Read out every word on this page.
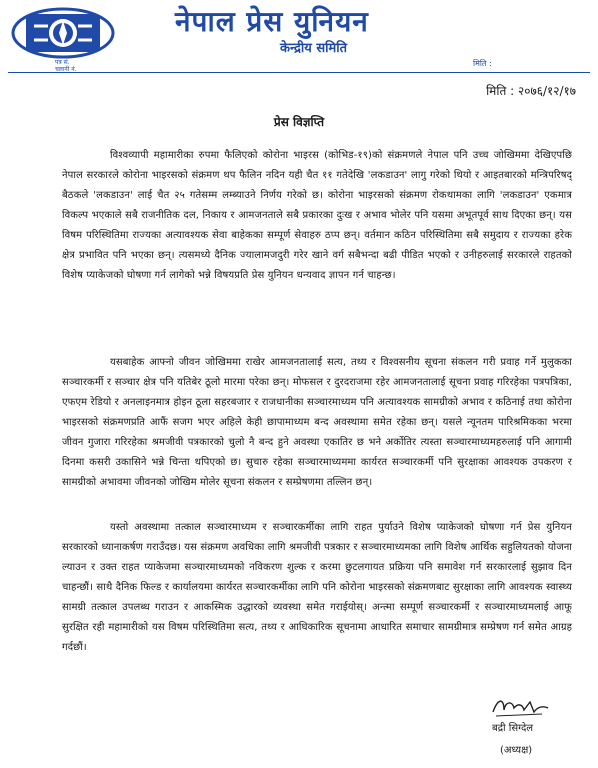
नेपाल प्रेस युनियन
केन्द्रीय समिति
पत्र सं.
चलानी नं.
मिति :
मिति : २०७६/१२/१७
प्रेस विज्ञप्ति

विश्वव्यापी महामारीका रुपमा फैलिएको कोरोना भाइरस (कोभिड-१९)को संक्रमणले नेपाल पनि उच्च जोखिममा देखिएपछि नेपाल सरकारले कोरोना भाइरसको संक्रमण थप फैलिन नदिन यही चैत ११ गतेदेखि 'लकडाउन' लागु गरेको थियो र आइतबारको मन्त्रिपरिषद् बैठकले 'लकडाउन' लाई चैत २५ गतेसम्म लम्ब्याउने निर्णय गरेको छ। कोरोना भाइरसको संक्रमण रोकथामका लागि 'लकडाउन' एकमात्र विकल्प भएकाले सबै राजनीतिक दल, निकाय र आमजनताले सबै प्रकारका दुःख र अभाव भोलेर पनि यसमा अभूतपूर्व साथ दिएका छन्। यस विषम परिस्थितिमा राज्यका अत्यावश्यक सेवा बाहेकका सम्पूर्ण सेवाहरु ठप्प छन्। वर्तमान कठिन परिस्थितिमा सबै समुदाय र राज्यका हरेक क्षेत्र प्रभावित पनि भएका छन्। त्यसमध्ये दैनिक ज्यालामजदुरी गरेर खाने वर्ग सबैभन्दा बढी पीडित भएको र उनीहरुलाई सरकारले राहतको विशेष प्याकेजको घोषणा गर्न लागेको भन्ने विषयप्रति प्रेस युनियन धन्यवाद ज्ञापन गर्न चाहन्छ।

यसबाहेक आफ्नो जीवन जोखिममा राखेर आमजनतालाई सत्य, तथ्य र विश्वसनीय सूचना संकलन गरी प्रवाह गर्ने मुलुकका सञ्चारकर्मी र सञ्चार क्षेत्र पनि यतिबेर ठूलो मारमा परेका छन्। मोफसल र दुरदराजमा रहेर आमजनतालाई सूचना प्रवाह गरिरहेका पत्रपत्रिका, एफएम रेडियो र अनलाइनमात्र होइन ठूला सहरबजार र राजधानीका सञ्चारमाध्यम पनि अत्यावश्यक सामग्रीको अभाव र कठिनाई तथा कोरोना भाइरसको संक्रमणप्रति आफैं सजग भएर अहिले केही छापामाध्यम बन्द अवस्थामा समेत रहेका छन्। यसले न्यूनतम पारिश्रमिकका भरमा जीवन गुजारा गरिरहेका श्रमजीवी पत्रकारको चुलो नै बन्द हुने अवस्था एकातिर छ भने अर्कोतिर त्यस्ता सञ्चारमाध्यमहरुलाई पनि आगामी दिनमा कसरी उकासिने भन्ने चिन्ता थपिएको छ। सुचारु रहेका सञ्चारमाध्यममा कार्यरत सञ्चारकर्मी पनि सुरक्षाका आवश्यक उपकरण र सामग्रीको अभावमा जीवनको जोखिम मोलेर सूचना संकलन र सम्प्रेषणमा तल्लिन छन्।

यस्तो अवस्थामा तत्काल सञ्चारमाध्यम र सञ्चारकर्मीका लागि राहत पुर्याउने विशेष प्याकेजको घोषणा गर्न प्रेस युनियन सरकारको ध्यानाकर्षण गराउँदछ। यस संक्रमण अवधिका लागि श्रमजीवी पत्रकार र सञ्चारमाध्यमका लागि विशेष आर्थिक सहुलियतको योजना ल्याउन र उक्त राहत प्याकेजमा सञ्चारमाध्यमको नविकरण शुल्क र करमा छुटलगायत प्रक्रिया पनि समावेश गर्न सरकारलाई सुझाव दिन चाहन्छौं। साथै दैनिक फिल्ड र कार्यालयमा कार्यरत सञ्चारकर्मीका लागि पनि कोरोना भाइरसको संक्रमणबाट सुरक्षाका लागि आवश्यक स्वास्थ्य सामग्री तत्काल उपलब्ध गराउन र आकस्मिक उद्धारको व्यवस्था समेत गराईयोस्। अन्त्मा सम्पूर्ण सञ्चारकर्मी र सञ्चारमाध्यमलाई आफू सुरक्षित रही महामारीको यस विषम परिस्थितिमा सत्य, तथ्य र आधिकारिक सूचनामा आधारित समाचार सामग्रीमात्र सम्प्रेषण गर्न समेत आग्रह गर्दछौं।

बद्री सिग्देल
(अध्यक्ष)
